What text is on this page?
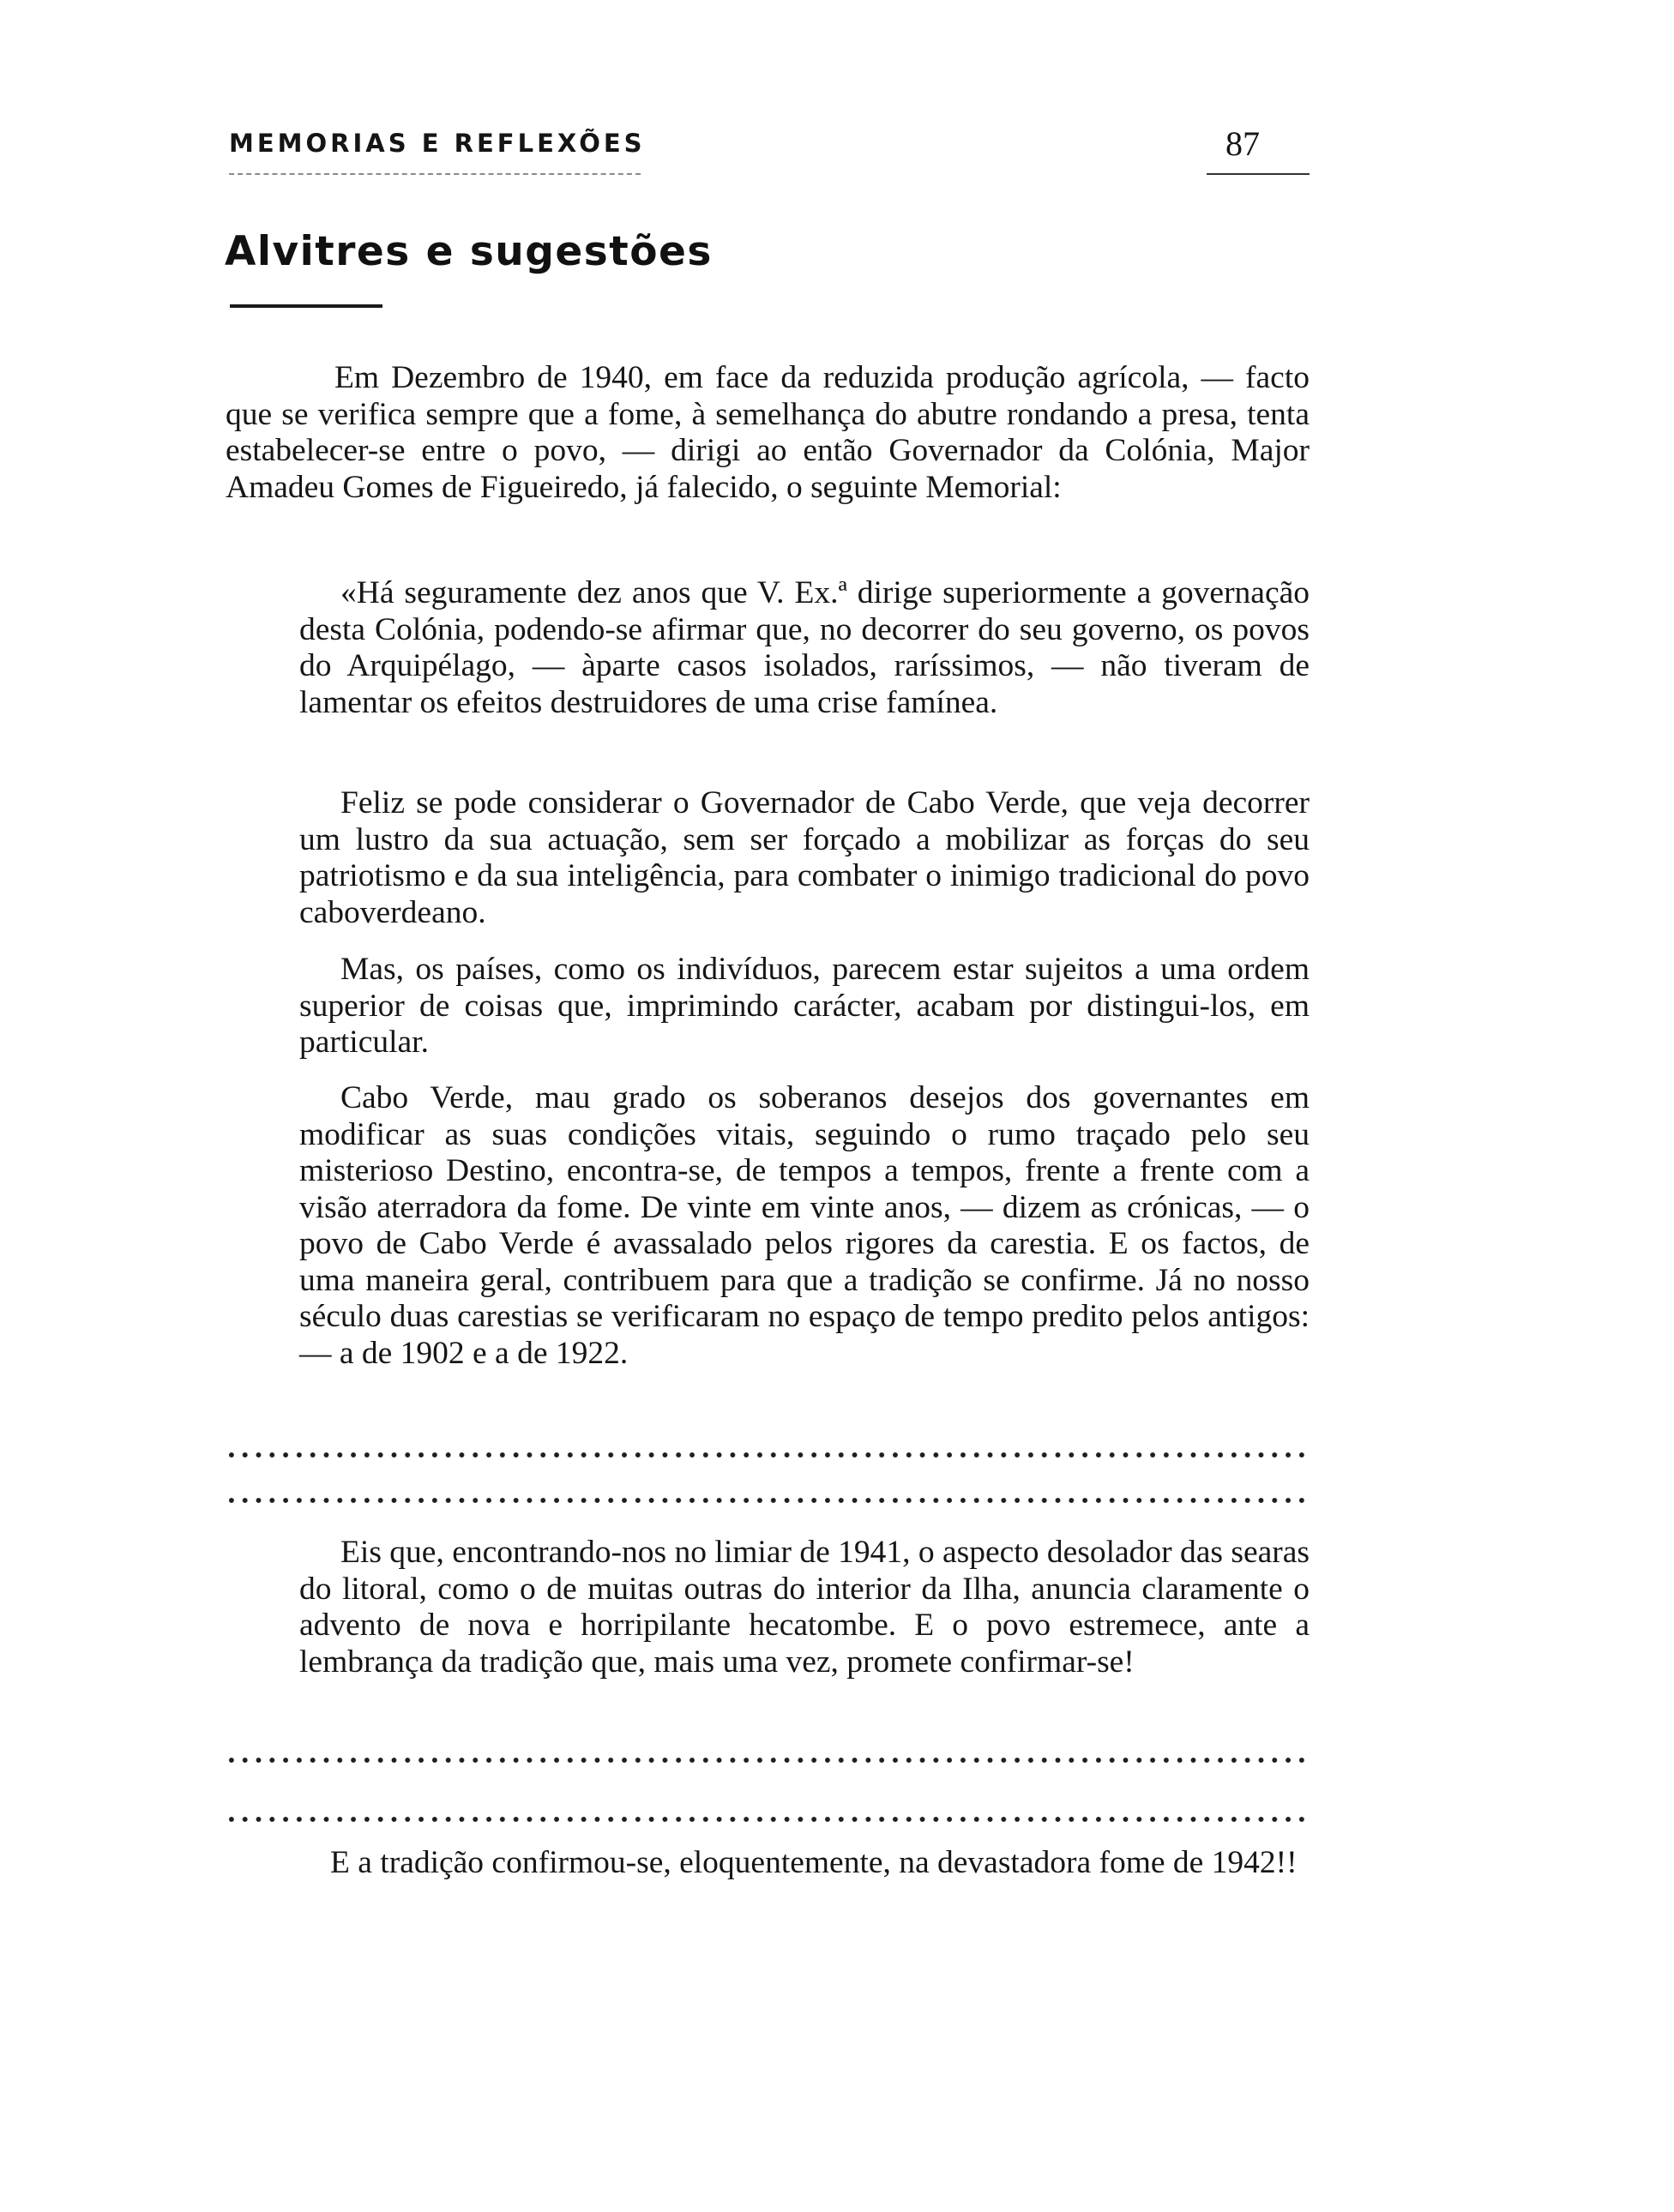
MEMORIAS E REFLEXÕES	87
Alvitres e sugestões

Em Dezembro de 1940, em face da reduzida produção agrícola, — facto que se verifica sempre que a fome, à semelhança do abutre rondando a presa, tenta estabelecer-se entre o povo, — dirigi ao então Governador da Colónia, Major Amadeu Gomes de Figueiredo, já falecido, o seguinte Memorial:

«Há seguramente dez anos que V. Ex.ª dirige superiormente a governação desta Colónia, podendo-se afirmar que, no decorrer do seu governo, os povos do Arquipélago, — àparte casos isolados, raríssimos, — não tiveram de lamentar os efeitos destruidores de uma crise famínea.

Feliz se pode considerar o Governador de Cabo Verde, que veja decorrer um lustro da sua actuação, sem ser forçado a mobilizar as forças do seu patriotismo e da sua inteligência, para combater o inimigo tradicional do povo caboverdeano.

Mas, os países, como os indivíduos, parecem estar sujeitos a uma ordem superior de coisas que, imprimindo carácter, acabam por distingui-los, em particular.

Cabo Verde, mau grado os soberanos desejos dos governantes em modificar as suas condições vitais, seguindo o rumo traçado pelo seu misterioso Destino, encontra-se, de tempos a tempos, frente a frente com a visão aterradora da fome. De vinte em vinte anos, — dizem as crónicas, — o povo de Cabo Verde é avassalado pelos rigores da carestia. E os factos, de uma maneira geral, contribuem para que a tradição se confirme. Já no nosso século duas carestias se verificaram no espaço de tempo predito pelos antigos: — a de 1902 e a de 1922.

Eis que, encontrando-nos no limiar de 1941, o aspecto desolador das searas do litoral, como o de muitas outras do interior da Ilha, anuncia claramente o advento de nova e horripilante hecatombe. E o povo estremece, ante a lembrança da tradição que, mais uma vez, promete confirmar-se!

E a tradição confirmou-se, eloquentemente, na devastadora fome de 1942!!
